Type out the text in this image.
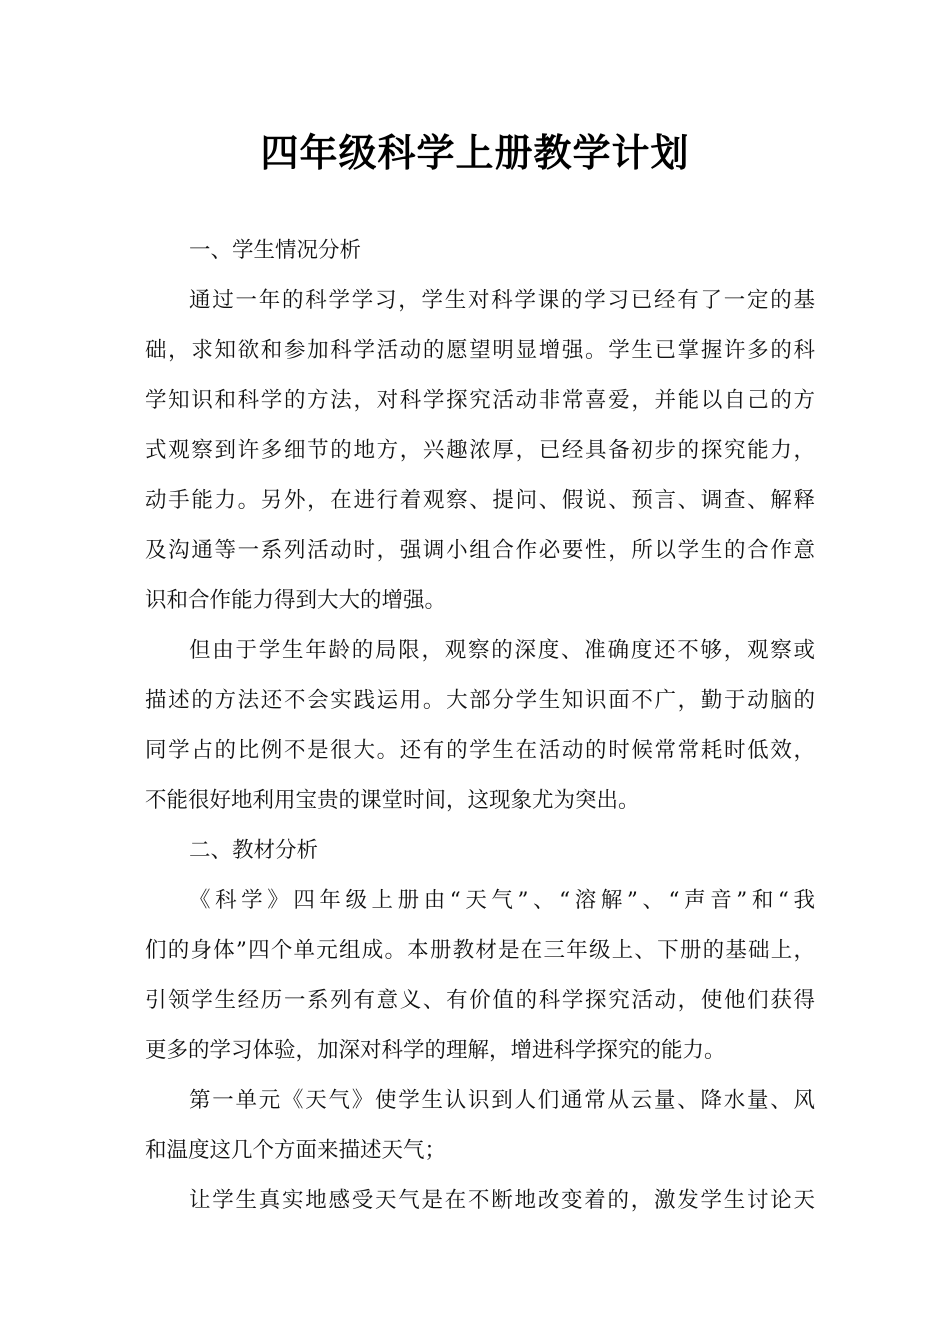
四年级科学上册教学计划

一、学生情况分析

通过一年的科学学习，学生对科学课的学习已经有了一定的基

础，求知欲和参加科学活动的愿望明显增强。学生已掌握许多的科

学知识和科学的方法，对科学探究活动非常喜爱，并能以自己的方

式观察到许多细节的地方，兴趣浓厚，已经具备初步的探究能力，

动手能力。另外，在进行着观察、提问、假说、预言、调查、解释

及沟通等一系列活动时，强调小组合作必要性，所以学生的合作意

识和合作能力得到大大的增强。

但由于学生年龄的局限，观察的深度、准确度还不够，观察或

描述的方法还不会实践运用。大部分学生知识面不广，勤于动脑的

同学占的比例不是很大。还有的学生在活动的时候常常耗时低效，

不能很好地利用宝贵的课堂时间，这现象尤为突出。

二、教材分析

《科学》四年级上册由“天气”、“溶解”、“声音”和“我

们的身体”四个单元组成。本册教材是在三年级上、下册的基础上，

引领学生经历一系列有意义、有价值的科学探究活动，使他们获得

更多的学习体验，加深对科学的理解，增进科学探究的能力。

第一单元《天气》使学生认识到人们通常从云量、降水量、风

和温度这几个方面来描述天气；

让学生真实地感受天气是在不断地改变着的，激发学生讨论天
